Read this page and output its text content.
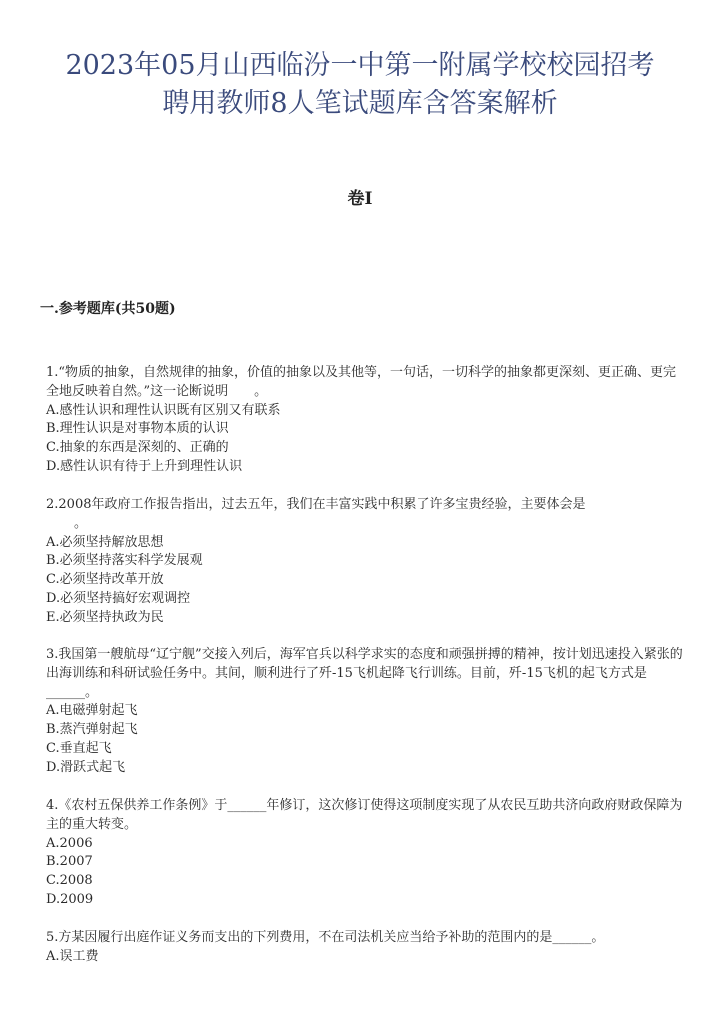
2023年05月山西临汾一中第一附属学校校园招考
聘用教师8人笔试题库含答案解析
卷I
一.参考题库(共50题)
1.“物质的抽象，自然规律的抽象，价值的抽象以及其他等，一句话，一切科学的抽象都更深刻、更正确、更完全地反映着自然。”这一论断说明　　。
A.感性认识和理性认识既有区别又有联系
B.理性认识是对事物本质的认识
C.抽象的东西是深刻的、正确的
D.感性认识有待于上升到理性认识
2.2008年政府工作报告指出，过去五年，我们在丰富实践中积累了许多宝贵经验，主要体会是
。
A.必须坚持解放思想
B.必须坚持落实科学发展观
C.必须坚持改革开放
D.必须坚持搞好宏观调控
E.必须坚持执政为民
3.我国第一艘航母“辽宁舰”交接入列后，海军官兵以科学求实的态度和顽强拼搏的精神，按计划迅速投入紧张的出海训练和科研试验任务中。其间，顺利进行了歼-15飞机起降飞行训练。目前，歼-15飞机的起飞方式是______。
A.电磁弹射起飞
B.蒸汽弹射起飞
C.垂直起飞
D.滑跃式起飞
4.《农村五保供养工作条例》于______年修订，这次修订使得这项制度实现了从农民互助共济向政府财政保障为主的重大转变。
A.2006
B.2007
C.2008
D.2009
5.方某因履行出庭作证义务而支出的下列费用，不在司法机关应当给予补助的范围内的是______。
A.误工费
